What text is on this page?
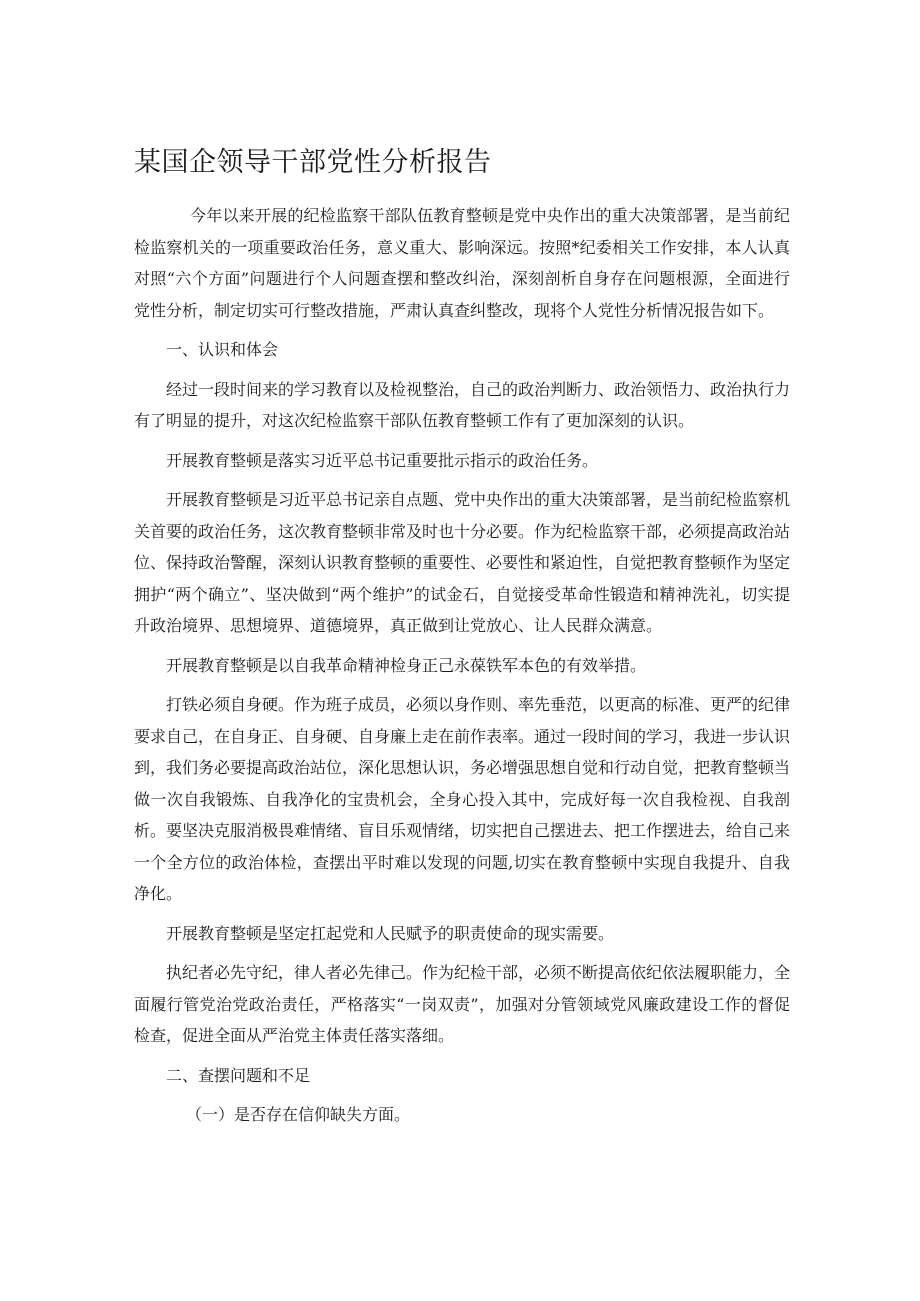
某国企领导干部党性分析报告

今年以来开展的纪检监察干部队伍教育整顿是党中央作出的重大决策部署，是当前纪检监察机关的一项重要政治任务，意义重大、影响深远。按照*纪委相关工作安排，本人认真对照“六个方面”问题进行个人问题查摆和整改纠治，深刻剖析自身存在问题根源，全面进行党性分析，制定切实可行整改措施，严肃认真查纠整改，现将个人党性分析情况报告如下。

一、认识和体会

经过一段时间来的学习教育以及检视整治，自己的政治判断力、政治领悟力、政治执行力有了明显的提升，对这次纪检监察干部队伍教育整顿工作有了更加深刻的认识。

开展教育整顿是落实习近平总书记重要批示指示的政治任务。

开展教育整顿是习近平总书记亲自点题、党中央作出的重大决策部署，是当前纪检监察机关首要的政治任务，这次教育整顿非常及时也十分必要。作为纪检监察干部，必须提高政治站位、保持政治警醒，深刻认识教育整顿的重要性、必要性和紧迫性，自觉把教育整顿作为坚定拥护“两个确立”、坚决做到“两个维护”的试金石，自觉接受革命性锻造和精神洗礼，切实提升政治境界、思想境界、道德境界，真正做到让党放心、让人民群众满意。

开展教育整顿是以自我革命精神检身正己永葆铁军本色的有效举措。

打铁必须自身硬。作为班子成员，必须以身作则、率先垂范，以更高的标准、更严的纪律要求自己，在自身正、自身硬、自身廉上走在前作表率。通过一段时间的学习，我进一步认识到，我们务必要提高政治站位，深化思想认识，务必增强思想自觉和行动自觉，把教育整顿当做一次自我锻炼、自我净化的宝贵机会，全身心投入其中，完成好每一次自我检视、自我剖析。要坚决克服消极畏难情绪、盲目乐观情绪，切实把自己摆进去、把工作摆进去，给自己来一个全方位的政治体检，查摆出平时难以发现的问题,切实在教育整顿中实现自我提升、自我净化。

开展教育整顿是坚定扛起党和人民赋予的职责使命的现实需要。

执纪者必先守纪，律人者必先律己。作为纪检干部，必须不断提高依纪依法履职能力，全面履行管党治党政治责任，严格落实“一岗双责”，加强对分管领域党风廉政建设工作的督促检查，促进全面从严治党主体责任落实落细。

二、查摆问题和不足

（一）是否存在信仰缺失方面。
